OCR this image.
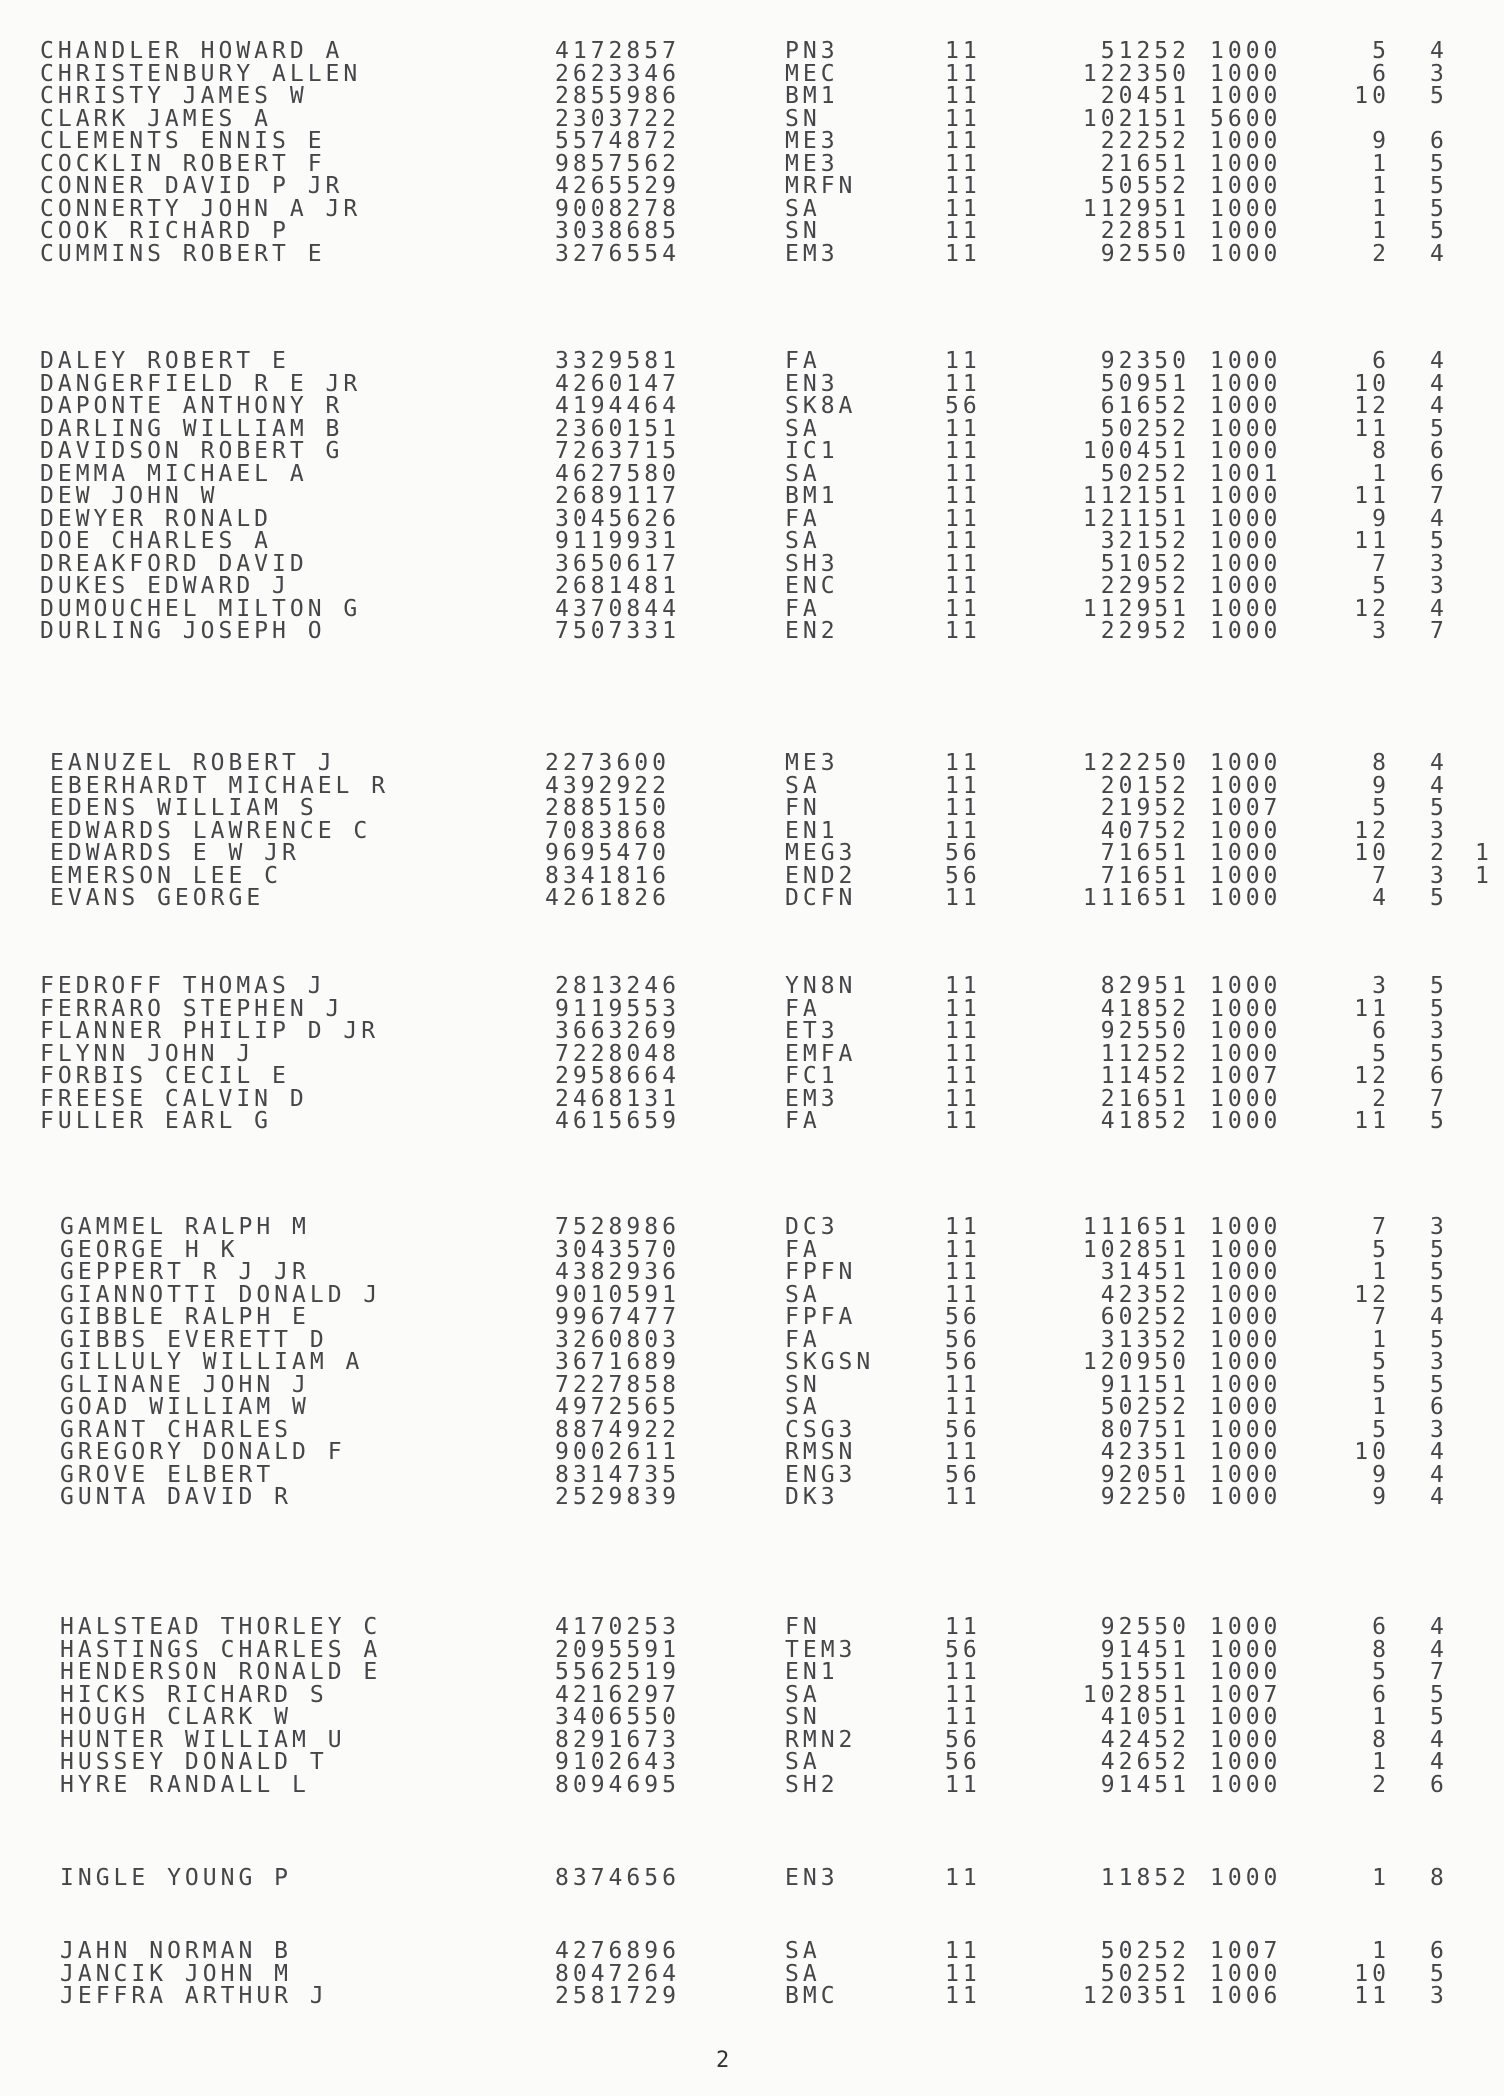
CHANDLER HOWARD A	4172857	PN3	11	51252 1000	5 4
CHRISTENBURY ALLEN	2623346	MEC	11	122350 1000	6 3
CHRISTY JAMES W	2855986	BM1	11	20451 1000	10 5
CLARK JAMES A	2303722	SN	11	102151 5600
CLEMENTS ENNIS E	5574872	ME3	11	22252 1000	9 6
COCKLIN ROBERT F	9857562	ME3	11	21651 1000	1 5
CONNER DAVID P JR	4265529	MRFN	11	50552 1000	1 5
CONNERTY JOHN A JR	9008278	SA	11	112951 1000	1 5
COOK RICHARD P	3038685	SN	11	22851 1000	1 5
CUMMINS ROBERT E	3276554	EM3	11	92550 1000	2 4
DALEY ROBERT E	3329581	FA	11	92350 1000	6 4
DANGERFIELD R E JR	4260147	EN3	11	50951 1000	10 4
DAPONTE ANTHONY R	4194464	SK8A	56	61652 1000	12 4
DARLING WILLIAM B	2360151	SA	11	50252 1000	11 5
DAVIDSON ROBERT G	7263715	IC1	11	100451 1000	8 6
DEMMA MICHAEL A	4627580	SA	11	50252 1001	1 6
DEW JOHN W	2689117	BM1	11	112151 1000	11 7
DEWYER RONALD	3045626	FA	11	121151 1000	9 4
DOE CHARLES A	9119931	SA	11	32152 1000	11 5
DREAKFORD DAVID	3650617	SH3	11	51052 1000	7 3
DUKES EDWARD J	2681481	ENC	11	22952 1000	5 3
DUMOUCHEL MILTON G	4370844	FA	11	112951 1000	12 4
DURLING JOSEPH O	7507331	EN2	11	22952 1000	3 7
EANUZEL ROBERT J	2273600	ME3	11	122250 1000	8 4
EBERHARDT MICHAEL R	4392922	SA	11	20152 1000	9 4
EDENS WILLIAM S	2885150	FN	11	21952 1007	5 5
EDWARDS LAWRENCE C	7083868	EN1	11	40752 1000	12 3
EDWARDS E W JR	9695470	MEG3	56	71651 1000	10 2 1
EMERSON LEE C	8341816	END2	56	71651 1000	7 3 1
EVANS GEORGE	4261826	DCFN	11	111651 1000	4 5
FEDROFF THOMAS J	2813246	YN8N	11	82951 1000	3 5
FERRARO STEPHEN J	9119553	FA	11	41852 1000	11 5
FLANNER PHILIP D JR	3663269	ET3	11	92550 1000	6 3
FLYNN JOHN J	7228048	EMFA	11	11252 1000	5 5
FORBIS CECIL E	2958664	FC1	11	11452 1007	12 6
FREESE CALVIN D	2468131	EM3	11	21651 1000	2 7
FULLER EARL G	4615659	FA	11	41852 1000	11 5
GAMMEL RALPH M	7528986	DC3	11	111651 1000	7 3
GEORGE H K	3043570	FA	11	102851 1000	5 5
GEPPERT R J JR	4382936	FPFN	11	31451 1000	1 5
GIANNOTTI DONALD J	9010591	SA	11	42352 1000	12 5
GIBBLE RALPH E	9967477	FPFA	56	60252 1000	7 4
GIBBS EVERETT D	3260803	FA	56	31352 1000	1 5
GILLULY WILLIAM A	3671689	SKGSN	56	120950 1000	5 3
GLINANE JOHN J	7227858	SN	11	91151 1000	5 5
GOAD WILLIAM W	4972565	SA	11	50252 1000	1 6
GRANT CHARLES	8874922	CSG3	56	80751 1000	5 3
GREGORY DONALD F	9002611	RMSN	11	42351 1000	10 4
GROVE ELBERT	8314735	ENG3	56	92051 1000	9 4
GUNTA DAVID R	2529839	DK3	11	92250 1000	9 4
HALSTEAD THORLEY C	4170253	FN	11	92550 1000	6 4
HASTINGS CHARLES A	2095591	TEM3	56	91451 1000	8 4
HENDERSON RONALD E	5562519	EN1	11	51551 1000	5 7
HICKS RICHARD S	4216297	SA	11	102851 1007	6 5
HOUGH CLARK W	3406550	SN	11	41051 1000	1 5
HUNTER WILLIAM U	8291673	RMN2	56	42452 1000	8 4
HUSSEY DONALD T	9102643	SA	56	42652 1000	1 4
HYRE RANDALL L	8094695	SH2	11	91451 1000	2 6
INGLE YOUNG P	8374656	EN3	11	11852 1000	1 8
JAHN NORMAN B	4276896	SA	11	50252 1007	1 6
JANCIK JOHN M	8047264	SA	11	50252 1000	10 5
JEFFRA ARTHUR J	2581729	BMC	11	120351 1006	11 3
2
